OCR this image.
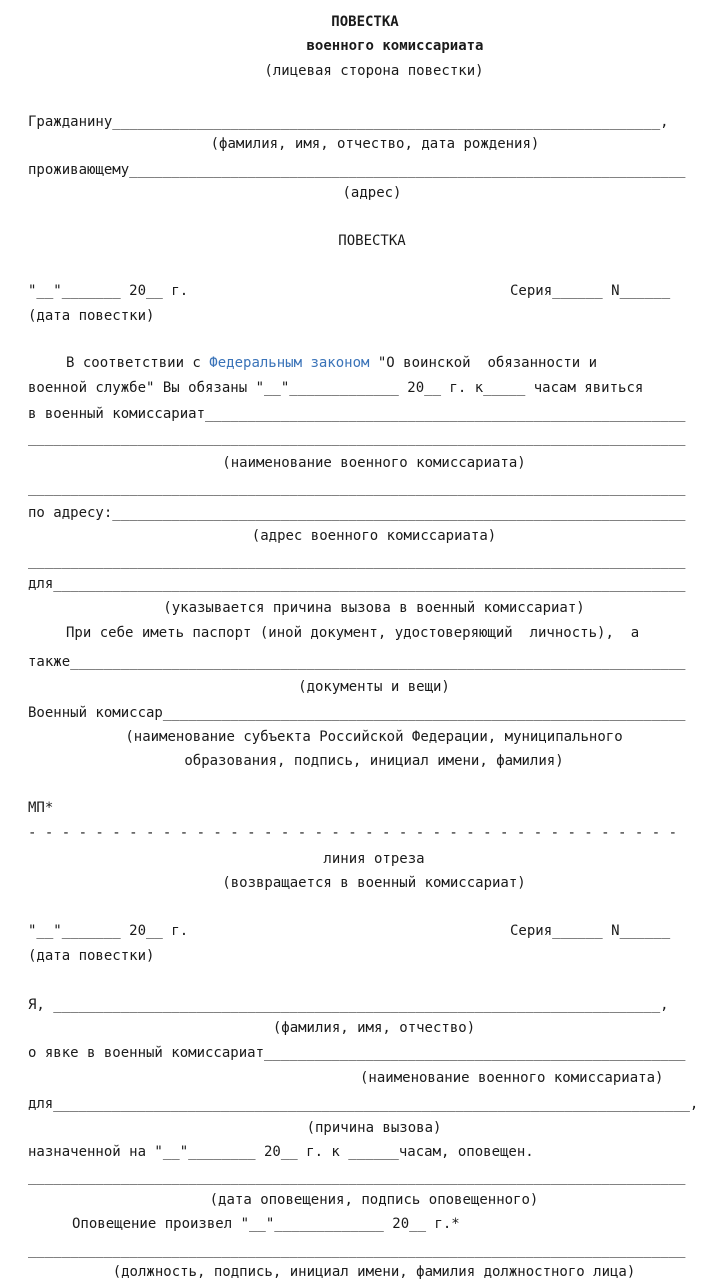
ПОВЕСТКА
военного комиссариата
(лицевая сторона повестки)
Гражданину_________________________________________________________________,
(фамилия, имя, отчество, дата рождения)
проживающему__________________________________________________________________
(адрес)
ПОВЕСТКА
"__"_______ 20__ г.	Серия______ N______
(дата повестки)
В соответствии с Федеральным законом "О воинской  обязанности и
военной службе" Вы обязаны "__"_____________ 20__ г. к_____ часам явиться
в военный комиссариат_________________________________________________________
______________________________________________________________________________
(наименование военного комиссариата)
______________________________________________________________________________
по адресу:____________________________________________________________________
(адрес военного комиссариата)
______________________________________________________________________________
для___________________________________________________________________________
(указывается причина вызова в военный комиссариат)
При себе иметь паспорт (иной документ, удостоверяющий  личность),  а
также_________________________________________________________________________
(документы и вещи)
Военный комиссар______________________________________________________________
(наименование субъекта Российской Федерации, муниципального
образования, подпись, инициал имени, фамилия)
МП*
- - - - - - - - - - - - - - - - - - - - - - - - - - - - - - - - - - - - - - -
линия отреза
(возвращается в военный комиссариат)
"__"_______ 20__ г.	Серия______ N______
(дата повестки)
Я, ________________________________________________________________________,
(фамилия, имя, отчество)
о явке в военный комиссариат__________________________________________________
(наименование военного комиссариата)
для____________________________________________________________________________,
(причина вызова)
назначенной на "__"________ 20__ г. к ______часам, оповещен.
______________________________________________________________________________
(дата оповещения, подпись оповещенного)
Оповещение произвел "__"_____________ 20__ г.*
______________________________________________________________________________
(должность, подпись, инициал имени, фамилия должностного лица)
